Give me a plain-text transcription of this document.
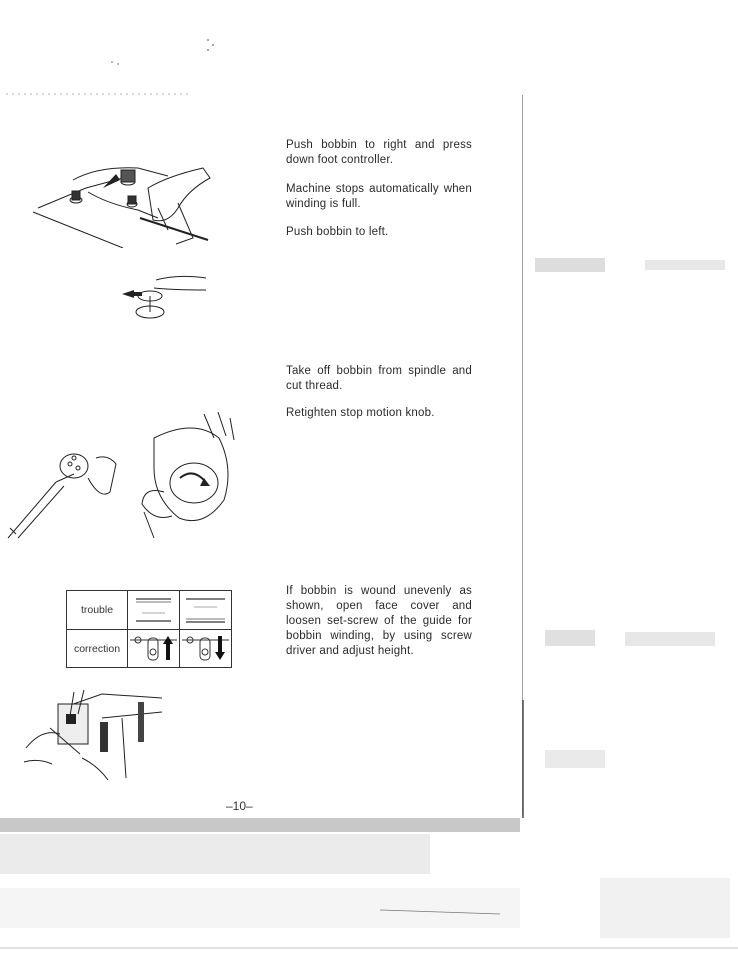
trouble
correction
Push bobbin to right and press down foot controller.
Machine stops automatically when winding is full.
Push bobbin to left.
Take off bobbin from spindle and cut thread.
Retighten stop motion knob.
If bobbin is wound unevenly as shown, open face cover and loosen set-screw of the guide for bobbin winding, by using screw driver and adjust height.
–10–
